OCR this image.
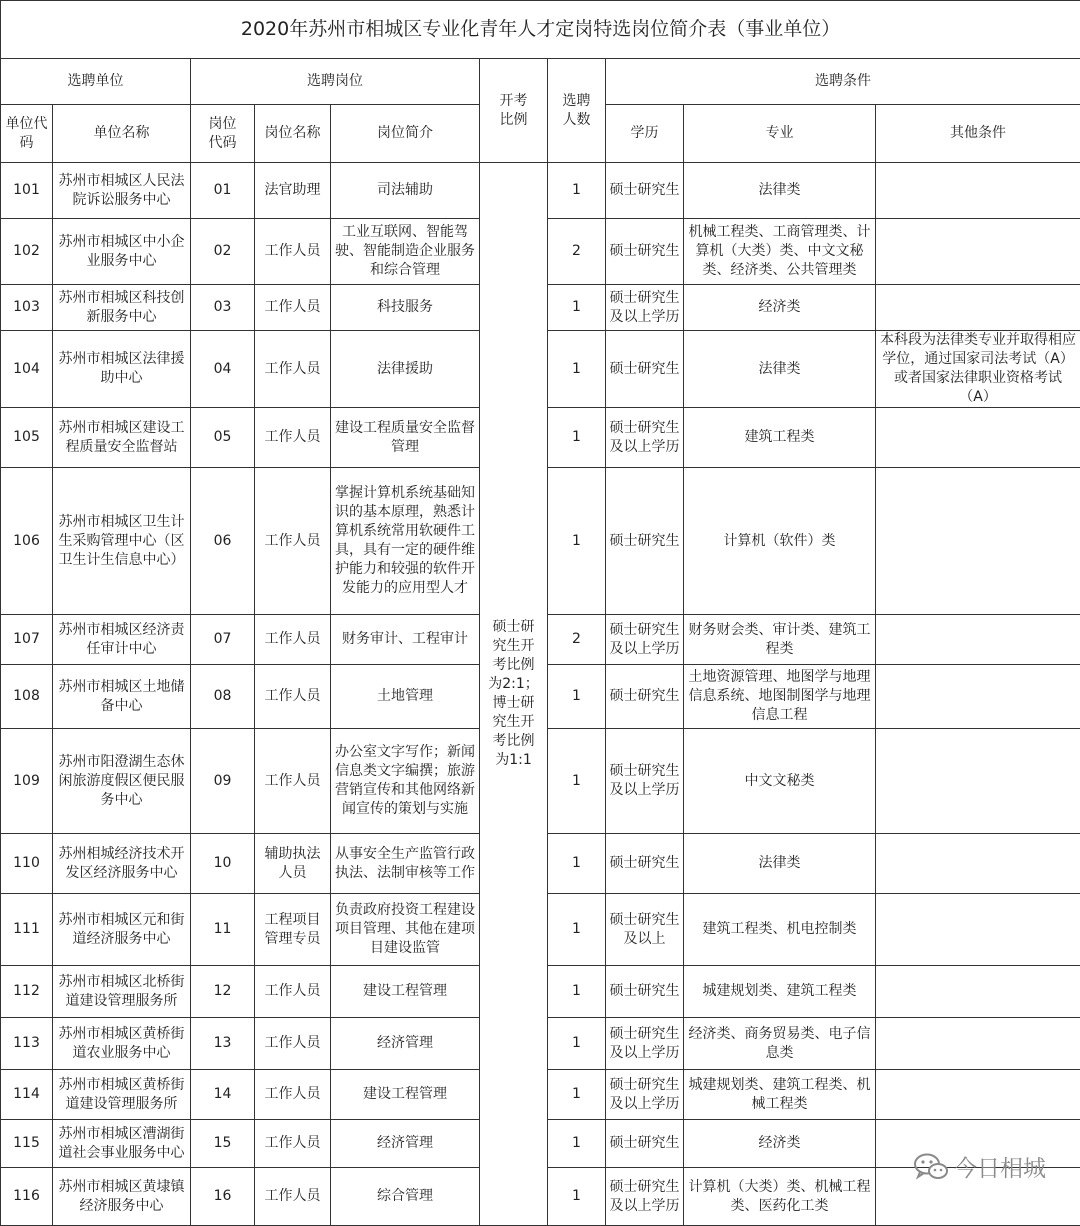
2020年苏州市相城区专业化青年人才定岗特选岗位简介表（事业单位）									
选聘单位		选聘岗位			开考比例	选聘人数	选聘条件		
单位代码	单位名称	岗位代码	岗位名称	岗位简介			学历	专业	其他条件
101	苏州市相城区人民法院诉讼服务中心	01	法官助理	司法辅助	硕士研究生开考比例为2:1；博士研究生开考比例为1:1	1	硕士研究生	法律类	
102	苏州市相城区中小企业服务中心	02	工作人员	工业互联网、智能驾驶、智能制造企业服务和综合管理		2	硕士研究生	机械工程类、工商管理类、计算机（大类）类、中文文秘类、经济类、公共管理类	
103	苏州市相城区科技创新服务中心	03	工作人员	科技服务		1	硕士研究生及以上学历	经济类	
104	苏州市相城区法律援助中心	04	工作人员	法律援助		1	硕士研究生	法律类	本科段为法律类专业并取得相应学位，通过国家司法考试（A）或者国家法律职业资格考试（A）
105	苏州市相城区建设工程质量安全监督站	05	工作人员	建设工程质量安全监督管理		1	硕士研究生及以上学历	建筑工程类	
106	苏州市相城区卫生计生采购管理中心（区卫生计生信息中心）	06	工作人员	掌握计算机系统基础知识的基本原理，熟悉计算机系统常用软硬件工具，具有一定的硬件维护能力和较强的软件开发能力的应用型人才		1	硕士研究生	计算机（软件）类	
107	苏州市相城区经济责任审计中心	07	工作人员	财务审计、工程审计		2	硕士研究生及以上学历	财务财会类、审计类、建筑工程类	
108	苏州市相城区土地储备中心	08	工作人员	土地管理		1	硕士研究生	土地资源管理、地图学与地理信息系统、地图制图学与地理信息工程	
109	苏州市阳澄湖生态休闲旅游度假区便民服务中心	09	工作人员	办公室文字写作；新闻信息类文字编撰；旅游营销宣传和其他网络新闻宣传的策划与实施		1	硕士研究生及以上学历	中文文秘类	
110	苏州相城经济技术开发区经济服务中心	10	辅助执法人员	从事安全生产监管行政执法、法制审核等工作		1	硕士研究生	法律类	
111	苏州市相城区元和街道经济服务中心	11	工程项目管理专员	负责政府投资工程建设项目管理、其他在建项目建设监管		1	硕士研究生及以上	建筑工程类、机电控制类	
112	苏州市相城区北桥街道建设管理服务所	12	工作人员	建设工程管理		1	硕士研究生	城建规划类、建筑工程类	
113	苏州市相城区黄桥街道农业服务中心	13	工作人员	经济管理		1	硕士研究生及以上学历	经济类、商务贸易类、电子信息类	
114	苏州市相城区黄桥街道建设管理服务所	14	工作人员	建设工程管理		1	硕士研究生及以上学历	城建规划类、建筑工程类、机械工程类	
115	苏州市相城区漕湖街道社会事业服务中心	15	工作人员	经济管理		1	硕士研究生	经济类	
116	苏州市相城区黄埭镇经济服务中心	16	工作人员	综合管理		1	硕士研究生及以上学历	计算机（大类）类、机械工程类、医药化工类	
今日相城
